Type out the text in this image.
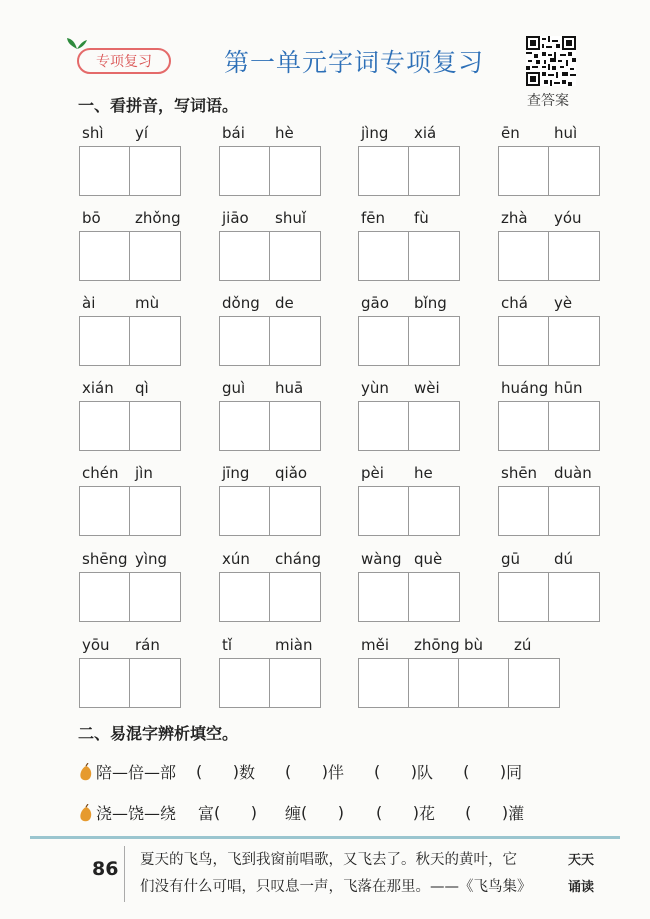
专项复习	第一单元字词专项复习
查答案
一、看拼音，写词语。
shì yí	bái hè	jìng xiá	ēn huì
bō zhǒng	jiāo shuǐ	fēn fù	zhà yóu
ài	mù	dǒng de	gāo bǐng	chá yè
xián qì	guì huā	yùn wèi	huáng hūn
chén jìn	jīng qiǎo	pèi he	shēn duàn
shēng yìng	xún cháng	wàng què	gū dú
yōu rán	tǐ	miàn	měi zhōng bù zú
二、易混字辨析填空。
陪—倍—部 (      ) 数 (      ) 伴 (      ) 队 (      ) 同
浇—饶—绕 富 (      ) 缠 (      ) (      ) 花 (      ) 灌
86 夏天的飞鸟，飞到我窗前唱歌，又飞去了。秋天的黄叶，它
们没有什么可唱，只叹息一声，飞落在那里。——《飞鸟集》
天天
诵读
